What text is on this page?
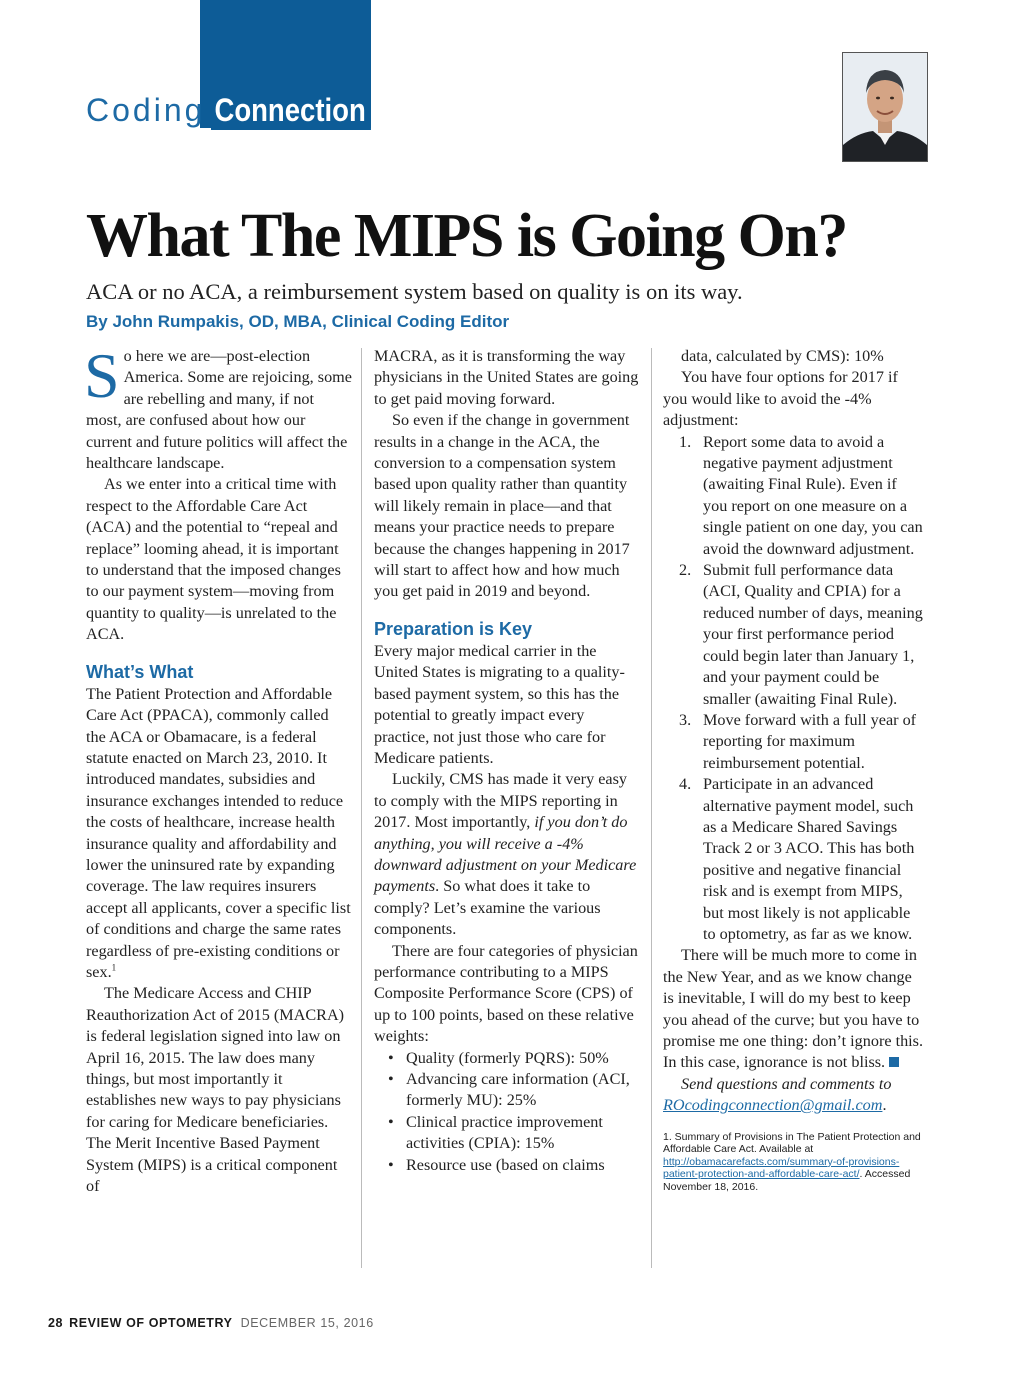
Coding Connection
What The MIPS is Going On?
ACA or no ACA, a reimbursement system based on quality is on its way.
By John Rumpakis, OD, MBA, Clinical Coding Editor

So here we are—post-election America. Some are rejoicing, some are rebelling and many, if not most, are confused about how our current and future politics will affect the healthcare landscape.

As we enter into a critical time with respect to the Affordable Care Act (ACA) and the potential to “repeal and replace” looming ahead, it is important to understand that the imposed changes to our payment system—moving from quantity to quality—is unrelated to the ACA.

What’s What

The Patient Protection and Affordable Care Act (PPACA), commonly called the ACA or Obamacare, is a federal statute enacted on March 23, 2010. It introduced mandates, subsidies and insurance exchanges intended to reduce the costs of healthcare, increase health insurance quality and affordability and lower the uninsured rate by expanding coverage. The law requires insurers accept all applicants, cover a specific list of conditions and charge the same rates regardless of pre-existing conditions or sex.$^1$

The Medicare Access and CHIP Reauthorization Act of 2015 (MACRA) is federal legislation signed into law on April 16, 2015. The law does many things, but most importantly it establishes new ways to pay physicians for caring for Medicare beneficiaries. The Merit Incentive Based Payment System (MIPS) is a critical component of

MACRA, as it is transforming the way physicians in the United States are going to get paid moving forward.

So even if the change in government results in a change in the ACA, the conversion to a compensation system based upon quality rather than quantity will likely remain in place—and that means your practice needs to prepare because the changes happening in 2017 will start to affect how and how much you get paid in 2019 and beyond.

Preparation is Key

Every major medical carrier in the United States is migrating to a quality-based payment system, so this has the potential to greatly impact every practice, not just those who care for Medicare patients.

Luckily, CMS has made it very easy to comply with the MIPS reporting in 2017. Most importantly, if you don’t do anything, you will receive a -4% downward adjustment on your Medicare payments. So what does it take to comply? Let’s examine the various components.

There are four categories of physician performance contributing to a MIPS Composite Performance Score (CPS) of up to 100 points, based on these relative weights:

• Quality (formerly PQRS): 50%
• Advancing care information (ACI, formerly MU): 25%
• Clinical practice improvement activities (CPIA): 15%
• Resource use (based on claims

data, calculated by CMS): 10%

You have four options for 2017 if you would like to avoid the -4% adjustment:

1. Report some data to avoid a negative payment adjustment (awaiting Final Rule). Even if you report on one measure on a single patient on one day, you can avoid the downward adjustment.
2. Submit full performance data (ACI, Quality and CPIA) for a reduced number of days, meaning your first performance period could begin later than January 1, and your payment could be smaller (awaiting Final Rule).
3. Move forward with a full year of reporting for maximum reimbursement potential.
4. Participate in an advanced alternative payment model, such as a Medicare Shared Savings Track 2 or 3 ACO. This has both positive and negative financial risk and is exempt from MIPS, but most likely is not applicable to optometry, as far as we know.

There will be much more to come in the New Year, and as we know change is inevitable, I will do my best to keep you ahead of the curve; but you have to promise me one thing: don’t ignore this. In this case, ignorance is not bliss.

Send questions and comments to ROcodingconnection@gmail.com.

1. Summary of Provisions in The Patient Protection and Affordable Care Act. Available at http://obamacarefacts.com/summary-of-provisions-patient-protection-and-affordable-care-act/. Accessed November 18, 2016.
28 REVIEW OF OPTOMETRY DECEMBER 15, 2016
